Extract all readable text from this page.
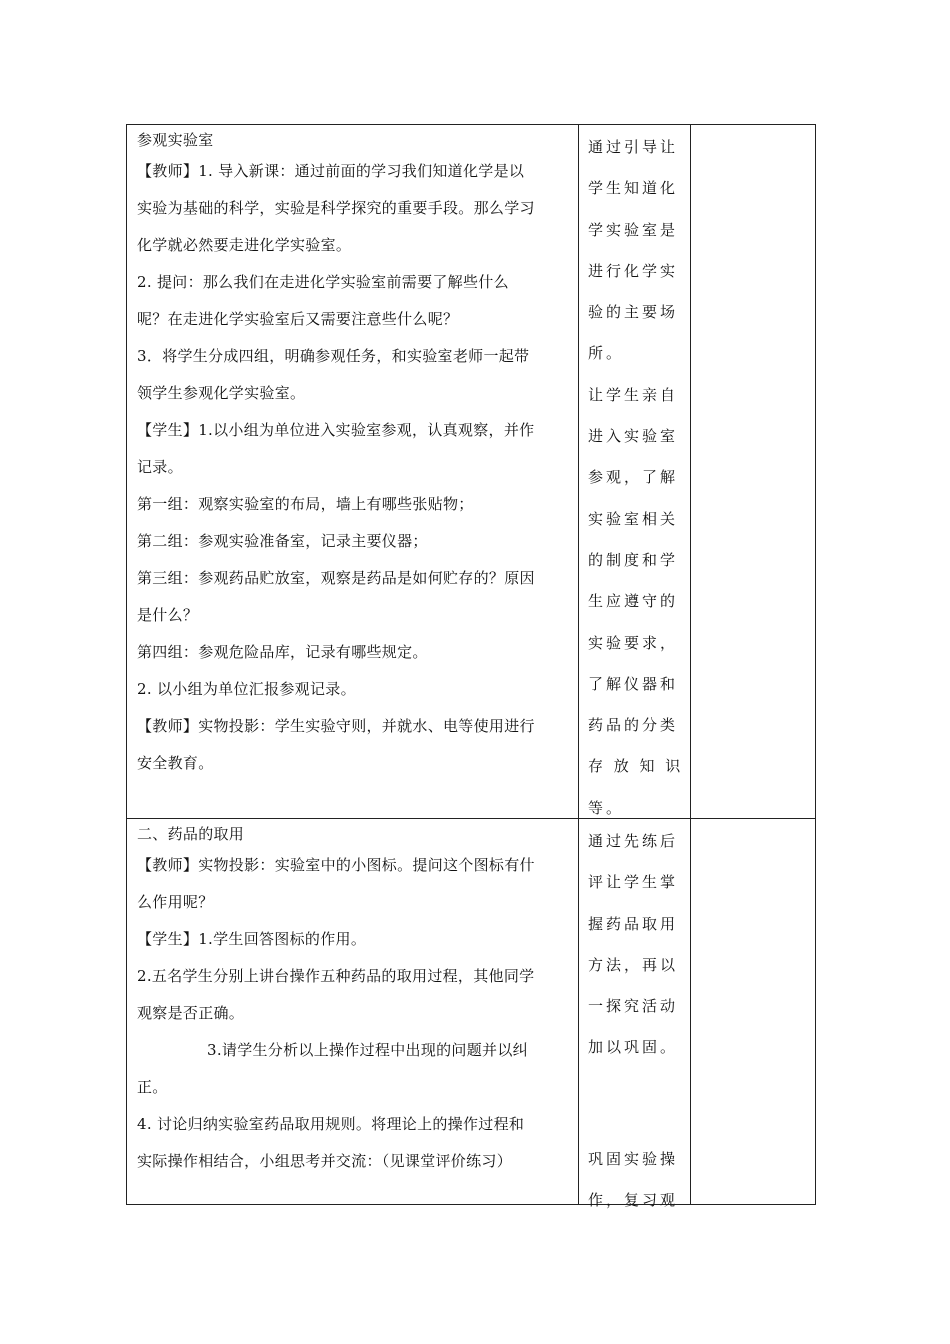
参观实验室

【教师】1. 导入新课：通过前面的学习我们知道化学是以

实验为基础的科学，实验是科学探究的重要手段。那么学习

化学就必然要走进化学实验室。

2. 提问：那么我们在走进化学实验室前需要了解些什么

呢？在走进化学实验室后又需要注意些什么呢？

3．将学生分成四组，明确参观任务，和实验室老师一起带

领学生参观化学实验室。

【学生】1.以小组为单位进入实验室参观，认真观察，并作

记录。

第一组：观察实验室的布局，墙上有哪些张贴物；

第二组：参观实验准备室，记录主要仪器；

第三组：参观药品贮放室，观察是药品是如何贮存的？原因

是什么？

第四组：参观危险品库，记录有哪些规定。

2. 以小组为单位汇报参观记录。

【教师】实物投影：学生实验守则，并就水、电等使用进行

安全教育。

通过引导让

学生知道化

学实验室是

进行化学实

验的主要场

所。

让学生亲自

进入实验室

参观，了解

实验室相关

的制度和学

生应遵守的

实验要求，

了解仪器和

药品的分类

存 放 知 识

等。

二、药品的取用

【教师】实物投影：实验室中的小图标。提问这个图标有什

么作用呢？

【学生】1.学生回答图标的作用。

2.五名学生分别上讲台操作五种药品的取用过程，其他同学

观察是否正确。

3.请学生分析以上操作过程中出现的问题并以纠

正。

4. 讨论归纳实验室药品取用规则。将理论上的操作过程和

实际操作相结合，小组思考并交流：（见课堂评价练习）

通过先练后

评让学生掌

握药品取用

方法，再以

一探究活动

加以巩固。

巩固实验操

作，复习观
